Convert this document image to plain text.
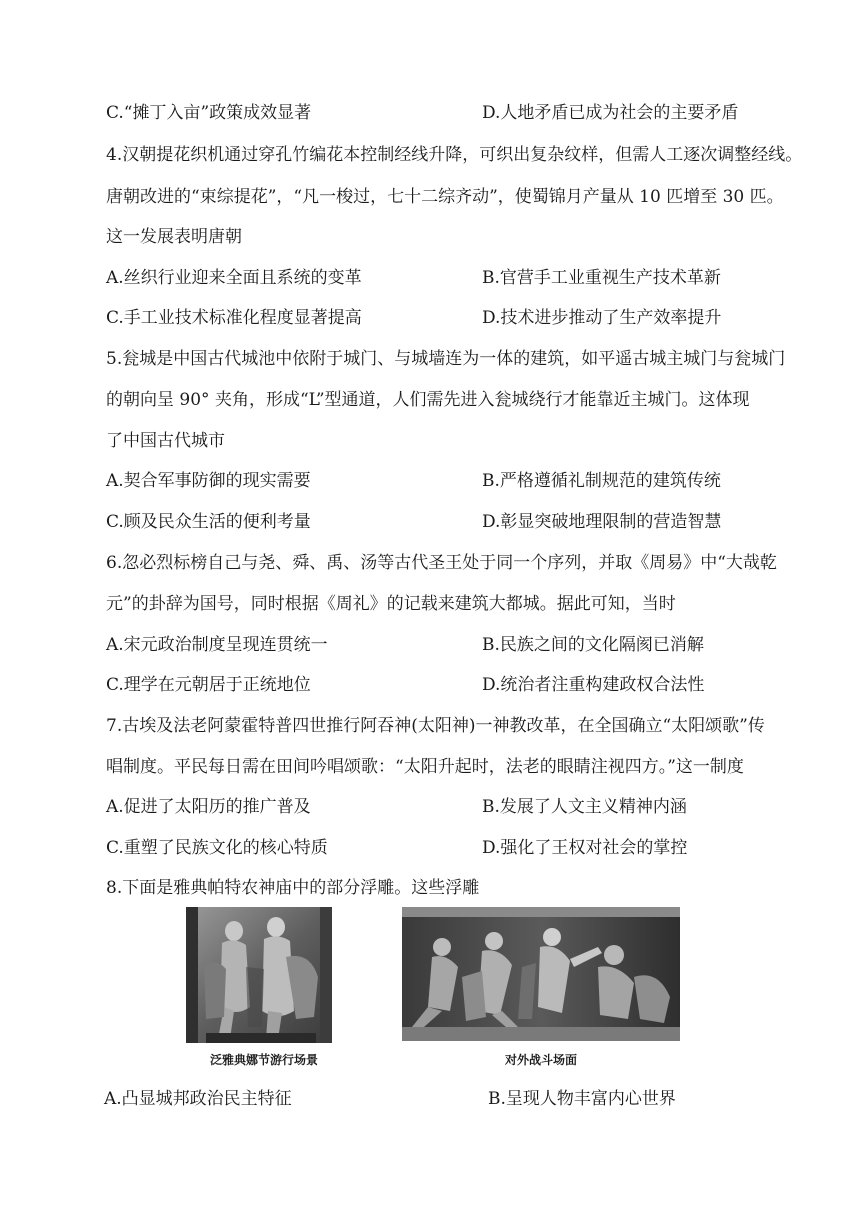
C.“摊丁入亩”政策成效显著	D.人地矛盾已成为社会的主要矛盾
4.汉朝提花织机通过穿孔竹编花本控制经线升降，可织出复杂纹样，但需人工逐次调整经线。
唐朝改进的“束综提花”，“凡一梭过，七十二综齐动”，使蜀锦月产量从 10 匹增至 30 匹。
这一发展表明唐朝
A.丝织行业迎来全面且系统的变革	B.官营手工业重视生产技术革新
C.手工业技术标准化程度显著提高	D.技术进步推动了生产效率提升
5.瓮城是中国古代城池中依附于城门、与城墙连为一体的建筑，如平遥古城主城门与瓮城门
的朝向呈 90° 夹角，形成“L”型通道，人们需先进入瓮城绕行才能靠近主城门。这体现
了中国古代城市
A.契合军事防御的现实需要	B.严格遵循礼制规范的建筑传统
C.顾及民众生活的便利考量	D.彰显突破地理限制的营造智慧
6.忽必烈标榜自己与尧、舜、禹、汤等古代圣王处于同一个序列，并取《周易》中“大哉乾
元”的卦辞为国号，同时根据《周礼》的记载来建筑大都城。据此可知，当时
A.宋元政治制度呈现连贯统一	B.民族之间的文化隔阂已消解
C.理学在元朝居于正统地位	D.统治者注重构建政权合法性
7.古埃及法老阿蒙霍特普四世推行阿吞神(太阳神)一神教改革，在全国确立“太阳颂歌”传
唱制度。平民每日需在田间吟唱颂歌：“太阳升起时，法老的眼睛注视四方。”这一制度
A.促进了太阳历的推广普及	B.发展了人文主义精神内涵
C.重塑了民族文化的核心特质	D.强化了王权对社会的掌控
8.下面是雅典帕特农神庙中的部分浮雕。这些浮雕
泛雅典娜节游行场景	对外战斗场面
A.凸显城邦政治民主特征	B.呈现人物丰富内心世界
